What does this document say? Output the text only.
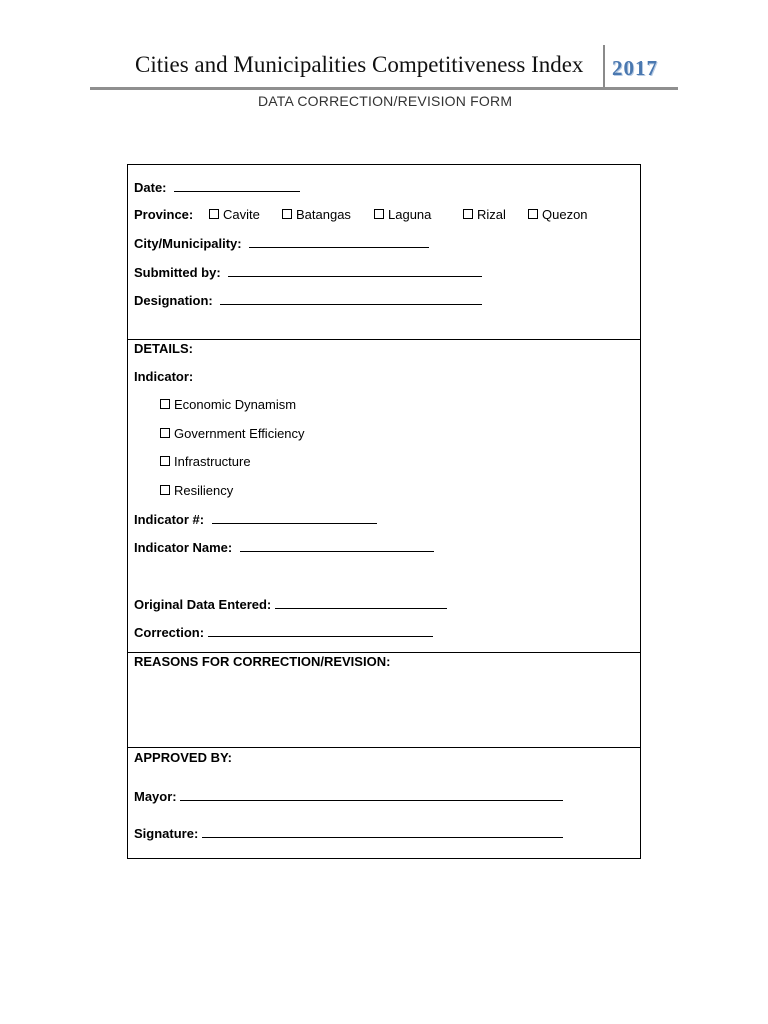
Cities and Municipalities Competitiveness Index 2017
DATA CORRECTION/REVISION FORM
Date:
Province:	Cavite	Batangas	Laguna	Rizal	Quezon
City/Municipality:
Submitted by:
Designation:
DETAILS:
Indicator:
Economic Dynamism
Government Efficiency
Infrastructure
Resiliency
Indicator #:
Indicator Name:
Original Data Entered:
Correction:
REASONS FOR CORRECTION/REVISION:
APPROVED BY:
Mayor:
Signature:
